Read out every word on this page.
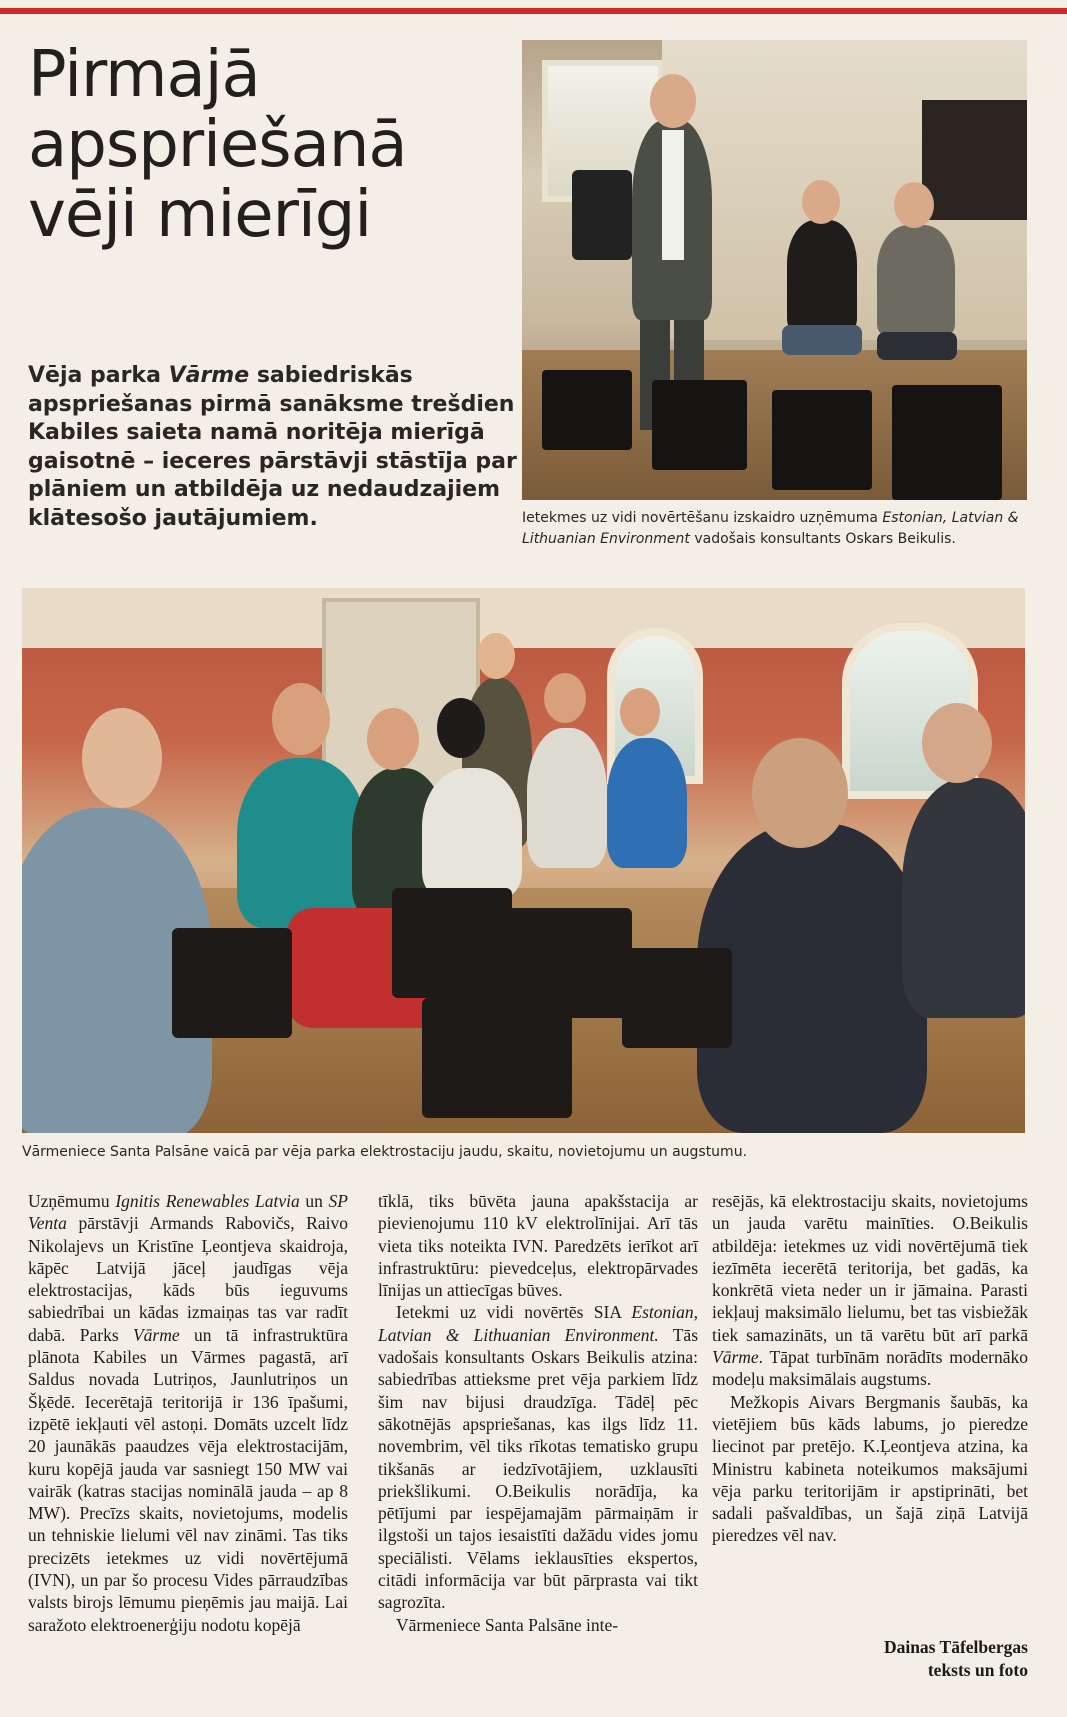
Pirmajā
apspriešanā
vēji mierīgi

Vēja parka Vārme sabiedriskās apspriešanas pirmā sanāksme trešdien Kabiles saieta namā noritēja mierīgā gaisotnē – ieceres pārstāvji stāstīja par plāniem un atbildēja uz nedaudzajiem klātesošo jautājumiem.	Ietekmes uz vidi novērtēšanu izskaidro uzņēmuma Estonian, Latvian & Lithuanian Environment vadošais konsultants Oskars Beikulis.

Vārmeniece Santa Palsāne vaicā par vēja parka elektrostaciju jaudu, skaitu, novietojumu un augstumu.

Uzņēmumu Ignitis Renewables Latvia un SP Venta pārstāvji Armands Rabovičs, Raivo Nikolajevs un Kristīne Ļeontjeva skaidroja, kāpēc Latvijā jāceļ jaudīgas vēja elektrostacijas, kāds būs ieguvums sabiedrībai un kādas izmaiņas tas var radīt dabā. Parks Vārme un tā infrastruktūra plānota Kabiles un Vārmes pagastā, arī Saldus novada Lutriņos, Jaunlutriņos un Šķēdē. Iecerētajā teritorijā ir 136 īpašumi, izpētē iekļauti vēl astoņi. Domāts uzcelt līdz 20 jaunākās paaudzes vēja elektrostacijām, kuru kopējā jauda var sasniegt 150 MW vai vairāk (katras stacijas nominālā jauda – ap 8 MW). Precīzs skaits, novietojums, modelis un tehniskie lielumi vēl nav zināmi. Tas tiks precizēts ietekmes uz vidi novērtējumā (IVN), un par šo procesu Vides pārraudzības valsts birojs lēmumu pieņēmis jau maijā. Lai saražoto elektroenerģiju nodotu kopējā

tīklā, tiks būvēta jauna apakšstacija ar pievienojumu 110 kV elektrolīnijai. Arī tās vieta tiks noteikta IVN. Paredzēts ierīkot arī infrastruktūru: pievedceļus, elektropārvades līnijas un attiecīgas būves.

Ietekmi uz vidi novērtēs SIA Estonian, Latvian & Lithuanian Environment. Tās vadošais konsultants Oskars Beikulis atzina: sabiedrības attieksme pret vēja parkiem līdz šim nav bijusi draudzīga. Tādēļ pēc sākotnējās apspriešanas, kas ilgs līdz 11. novembrim, vēl tiks rīkotas tematisko grupu tikšanās ar iedzīvotājiem, uzklausīti priekšlikumi. O.Beikulis norādīja, ka pētījumi par iespējamajām pārmaiņām ir ilgstoši un tajos iesaistīti dažādu vides jomu speciālisti. Vēlams ieklausīties ekspertos, citādi informācija var būt pārprasta vai tikt sagrozīta.

Vārmeniece Santa Palsāne inte-

resējās, kā elektrostaciju skaits, novietojums un jauda varētu mainīties. O.Beikulis atbildēja: ietekmes uz vidi novērtējumā tiek iezīmēta iecerētā teritorija, bet gadās, ka konkrētā vieta neder un ir jāmaina. Parasti iekļauj maksimālo lielumu, bet tas visbiežāk tiek samazināts, un tā varētu būt arī parkā Vārme. Tāpat turbīnām norādīts modernāko modeļu maksimālais augstums.

Mežkopis Aivars Bergmanis šaubās, ka vietējiem būs kāds labums, jo pieredze liecinot par pretējo. K.Ļeontjeva atzina, ka Ministru kabineta noteikumos maksājumi vēja parku teritorijām ir apstiprināti, bet sadali pašvaldības, un šajā ziņā Latvijā pieredzes vēl nav.

Dainas Tāfelbergas
teksts un foto
